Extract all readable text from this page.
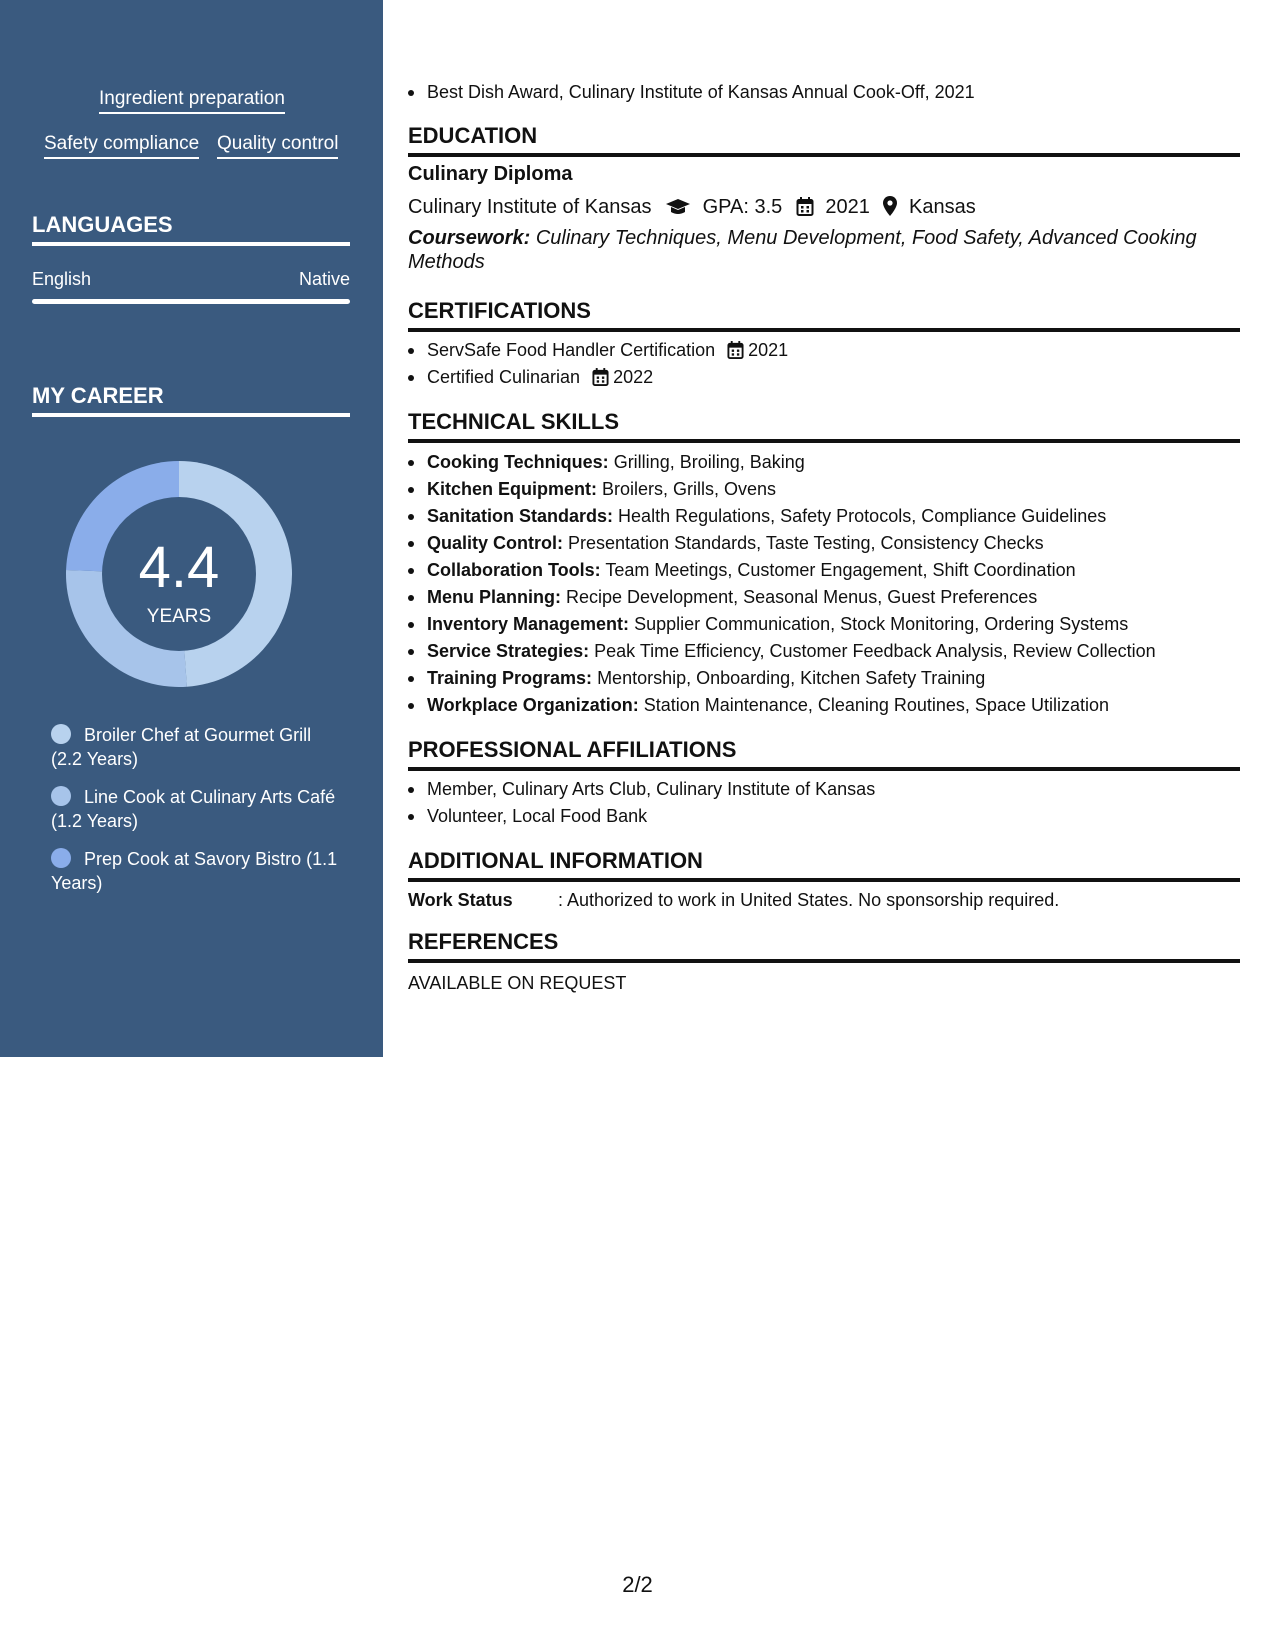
Ingredient preparation
Safety compliance Quality control
LANGUAGES
English	Native
MY CAREER
4.4
YEARS
Broiler Chef at Gourmet Grill (2.2 Years)
Line Cook at Culinary Arts Café (1.2 Years)
Prep Cook at Savory Bistro (1.1 Years)
Best Dish Award, Culinary Institute of Kansas Annual Cook-Off, 2021
EDUCATION
Culinary Diploma
Culinary Institute of Kansas	GPA: 3.5 2021 Kansas
Coursework: Culinary Techniques, Menu Development, Food Safety, Advanced Cooking Methods
CERTIFICATIONS
ServSafe Food Handler Certification 2021
Certified Culinarian 2022
TECHNICAL SKILLS
Cooking Techniques: Grilling, Broiling, Baking
Kitchen Equipment: Broilers, Grills, Ovens
Sanitation Standards: Health Regulations, Safety Protocols, Compliance Guidelines
Quality Control: Presentation Standards, Taste Testing, Consistency Checks
Collaboration Tools: Team Meetings, Customer Engagement, Shift Coordination
Menu Planning: Recipe Development, Seasonal Menus, Guest Preferences
Inventory Management: Supplier Communication, Stock Monitoring, Ordering Systems
Service Strategies: Peak Time Efficiency, Customer Feedback Analysis, Review Collection
Training Programs: Mentorship, Onboarding, Kitchen Safety Training
Workplace Organization: Station Maintenance, Cleaning Routines, Space Utilization
PROFESSIONAL AFFILIATIONS
Member, Culinary Arts Club, Culinary Institute of Kansas
Volunteer, Local Food Bank
ADDITIONAL INFORMATION
Work Status	: Authorized to work in United States. No sponsorship required.
REFERENCES
AVAILABLE ON REQUEST
2/2
